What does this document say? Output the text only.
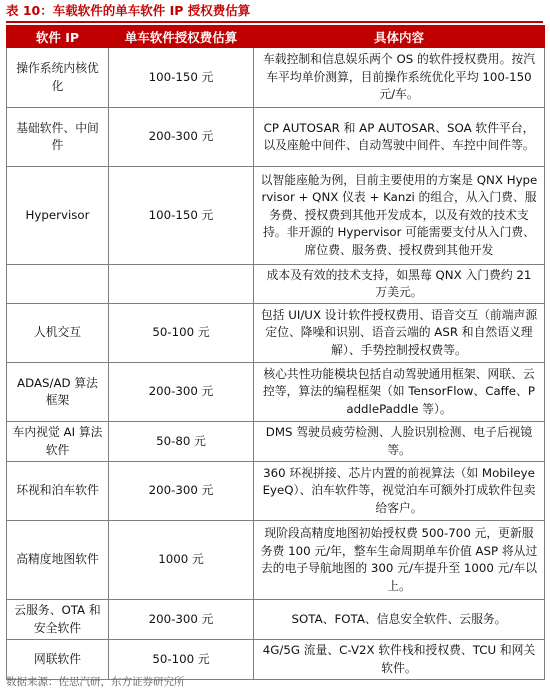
表 10：车载软件的单车软件 IP 授权费估算
软件 IP	单车软件授权费估算	具体内容
操作系统内核优化	100-150 元	车载控制和信息娱乐两个 OS 的软件授权费用。按汽车平均单价测算，目前操作系统优化平均 100-150 元/车。
基础软件、中间件	200-300 元	CP AUTOSAR 和 AP AUTOSAR、SOA 软件平台，以及座舱中间件、自动驾驶中间件、车控中间件等。
Hypervisor	100-150 元	以智能座舱为例，目前主要使用的方案是 QNX Hypervisor + QNX 仪表 + Kanzi 的组合，从入门费、服务费、授权费到其他开发成本，以及有效的技术支持。非开源的 Hypervisor 可能需要支付从入门费、席位费、服务费、授权费到其他开发
		成本及有效的技术支持，如黑莓 QNX 入门费约 21 万美元。
人机交互	50-100 元	包括 UI/UX 设计软件授权费用、语音交互（前端声源定位、降噪和识别、语音云端的 ASR 和自然语义理解）、手势控制授权费等。
ADAS/AD 算法框架	200-300 元	核心共性功能模块包括自动驾驶通用框架、网联、云控等，算法的编程框架（如 TensorFlow、Caffe、PaddlePaddle 等）。
车内视觉 AI 算法软件	50-80 元	DMS 驾驶员疲劳检测、人脸识别检测、电子后视镜等。
环视和泊车软件	200-300 元	360 环视拼接、芯片内置的前视算法（如 Mobileye EyeQ）、泊车软件等，视觉泊车可额外打成软件包卖给客户。
高精度地图软件	1000 元	现阶段高精度地图初始授权费 500-700 元，更新服务费 100 元/年，整车生命周期单车价值 ASP 将从过去的电子导航地图的 300 元/车提升至 1000 元/车以上。
云服务、OTA 和安全软件	200-300 元	SOTA、FOTA、信息安全软件、云服务。
网联软件	50-100 元	4G/5G 流量、C-V2X 软件栈和授权费、TCU 和网关软件。
数据来源：佐思汽研，东方证券研究所
